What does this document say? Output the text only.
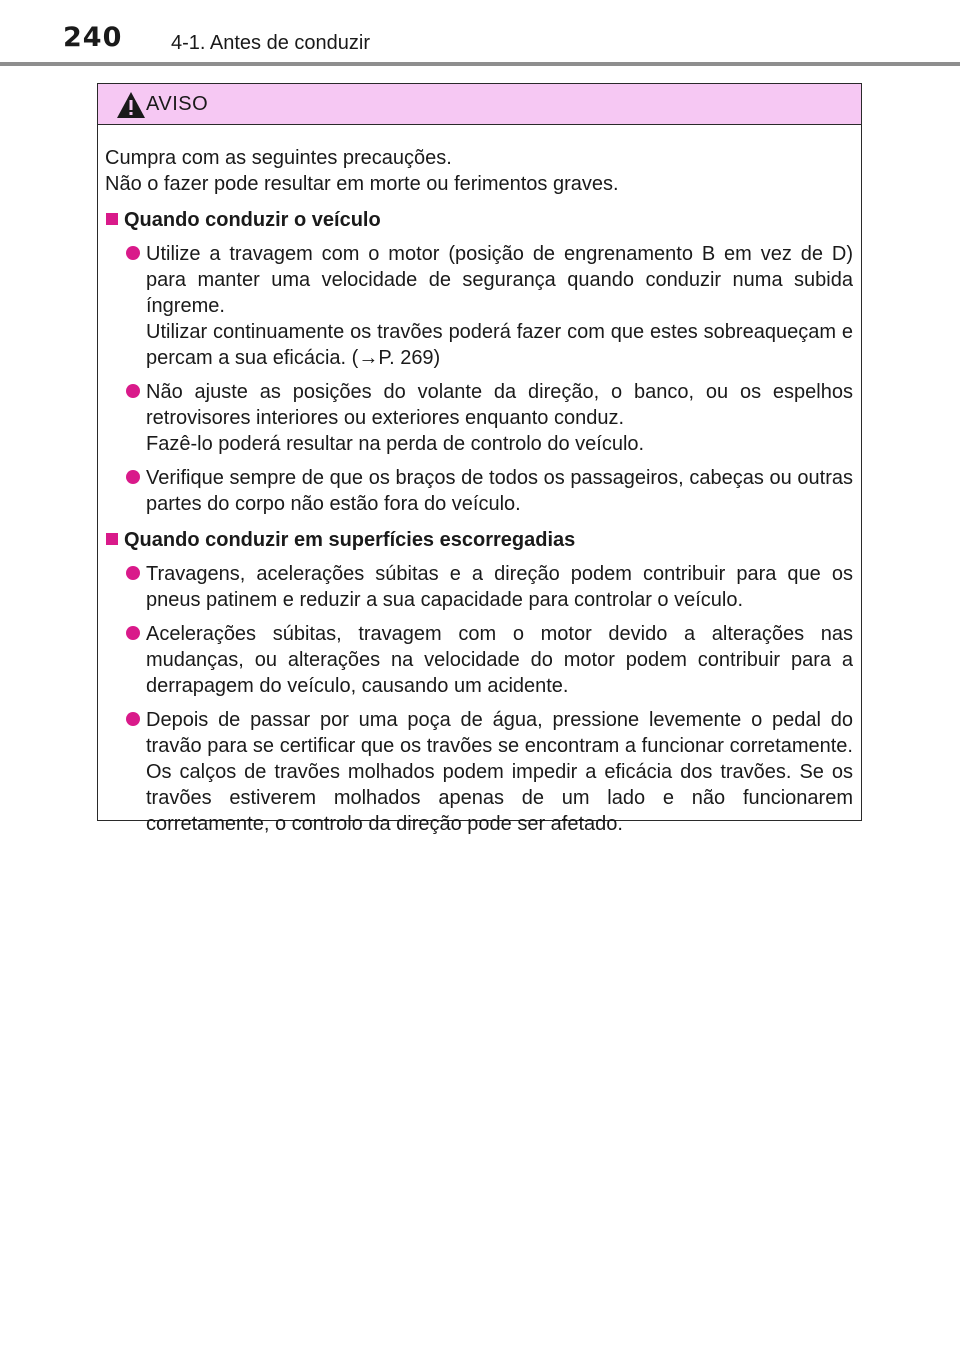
240 4-1. Antes de conduzir
AVISO

Cumpra com as seguintes precauções.

Não o fazer pode resultar em morte ou ferimentos graves.

Quando conduzir o veículo

Utilize a travagem com o motor (posição de engrenamento B em vez de D) para manter uma velocidade de segurança quando conduzir numa subida íngreme.

Utilizar continuamente os travões poderá fazer com que estes sobreaqueçam e percam a sua eficácia. (→P. 269)

Não ajuste as posições do volante da direção, o banco, ou os espelhos retrovisores interiores ou exteriores enquanto conduz.

Fazê-lo poderá resultar na perda de controlo do veículo.

Verifique sempre de que os braços de todos os passageiros, cabeças ou outras partes do corpo não estão fora do veículo.

Quando conduzir em superfícies escorregadias

Travagens, acelerações súbitas e a direção podem contribuir para que os pneus patinem e reduzir a sua capacidade para controlar o veículo.

Acelerações súbitas, travagem com o motor devido a alterações nas mudanças, ou alterações na velocidade do motor podem contribuir para a derrapagem do veículo, causando um acidente.

Depois de passar por uma poça de água, pressione levemente o pedal do travão para se certificar que os travões se encontram a funcionar corretamente. Os calços de travões molhados podem impedir a eficácia dos travões. Se os travões estiverem molhados apenas de um lado e não funcionarem corretamente, o controlo da direção pode ser afetado.
